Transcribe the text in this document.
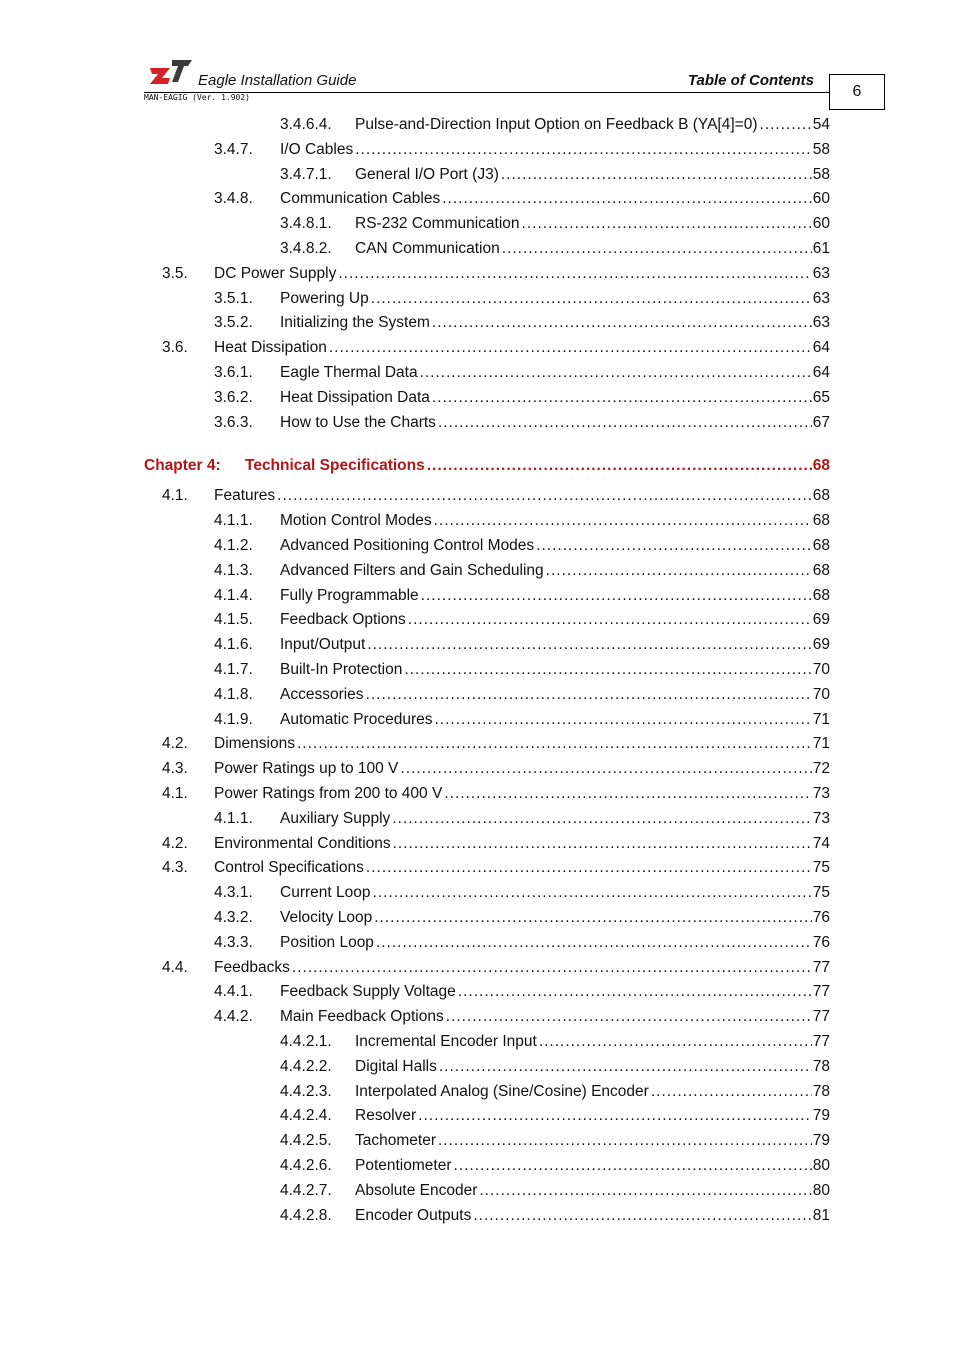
Eagle Installation Guide	Table of Contents
MAN-EAGIG (Ver. 1.902)	6
3.4.6.4. Pulse-and-Direction Input Option on Feedback B (YA[4]=0) .....	54
3.4.7. I/O Cables .....	58
3.4.7.1. General I/O Port (J3) .....	58
3.4.8. Communication Cables .....	60
3.4.8.1. RS-232 Communication .....	60
3.4.8.2. CAN Communication .....	61
3.5. DC Power Supply .....	63
3.5.1. Powering Up .....	63
3.5.2. Initializing the System .....	63
3.6. Heat Dissipation .....	64
3.6.1. Eagle Thermal Data .....	64
3.6.2. Heat Dissipation Data .....	65
3.6.3. How to Use the Charts .....	67
Chapter 4: Technical Specifications .....	68
4.1. Features .....	68
4.1.1. Motion Control Modes .....	68
4.1.2. Advanced Positioning Control Modes .....	68
4.1.3. Advanced Filters and Gain Scheduling .....	68
4.1.4. Fully Programmable .....	68
4.1.5. Feedback Options .....	69
4.1.6. Input/Output .....	69
4.1.7. Built-In Protection .....	70
4.1.8. Accessories .....	70
4.1.9. Automatic Procedures .....	71
4.2. Dimensions .....	71
4.3. Power Ratings up to 100 V .....	72
4.1. Power Ratings from 200 to 400 V .....	73
4.1.1. Auxiliary Supply .....	73
4.2. Environmental Conditions .....	74
4.3. Control Specifications .....	75
4.3.1. Current Loop .....	75
4.3.2. Velocity Loop .....	76
4.3.3. Position Loop .....	76
4.4. Feedbacks .....	77
4.4.1. Feedback Supply Voltage .....	77
4.4.2. Main Feedback Options .....	77
4.4.2.1. Incremental Encoder Input .....	77
4.4.2.2. Digital Halls .....	78
4.4.2.3. Interpolated Analog (Sine/Cosine) Encoder .....	78
4.4.2.4. Resolver .....	79
4.4.2.5. Tachometer .....	79
4.4.2.6. Potentiometer .....	80
4.4.2.7. Absolute Encoder .....	80
4.4.2.8. Encoder Outputs .....	81
